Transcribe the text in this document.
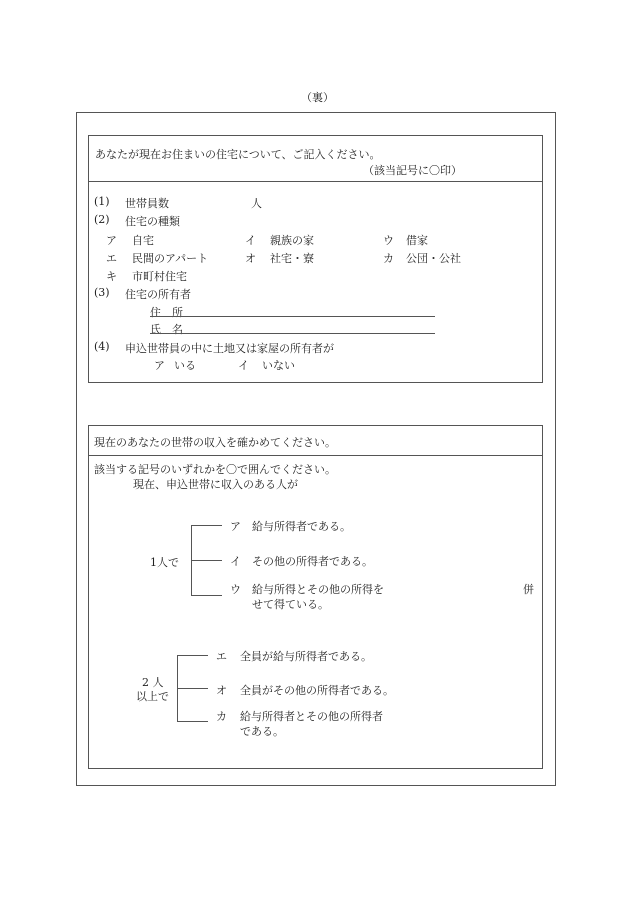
（裏）
あなたが現在お住まいの住宅について、ご記入ください。
（該当記号に〇印）
(1) 世帯員数	人
(2) 住宅の種類
ア 自宅	イ 親族の家	ウ 借家
エ 民間のアパート	オ 社宅・寮	カ 公団・公社
キ 市町村住宅
(3) 住宅の所有者
住　所
氏　名
(4) 申込世帯員の中に土地又は家屋の所有者が
ア いる	イ いない
現在のあなたの世帯の収入を確かめてください。
該当する記号のいずれかを〇で囲んでください。
現在、申込世帯に収入のある人が
1人で
ア 給与所得者である。
イ その他の所得者である。
ウ 給与所得とその他の所得を
せて得ている。
併
2 人
以上で
エ 全員が給与所得者である。
オ 全員がその他の所得者である。
カ 給与所得者とその他の所得者
である。
